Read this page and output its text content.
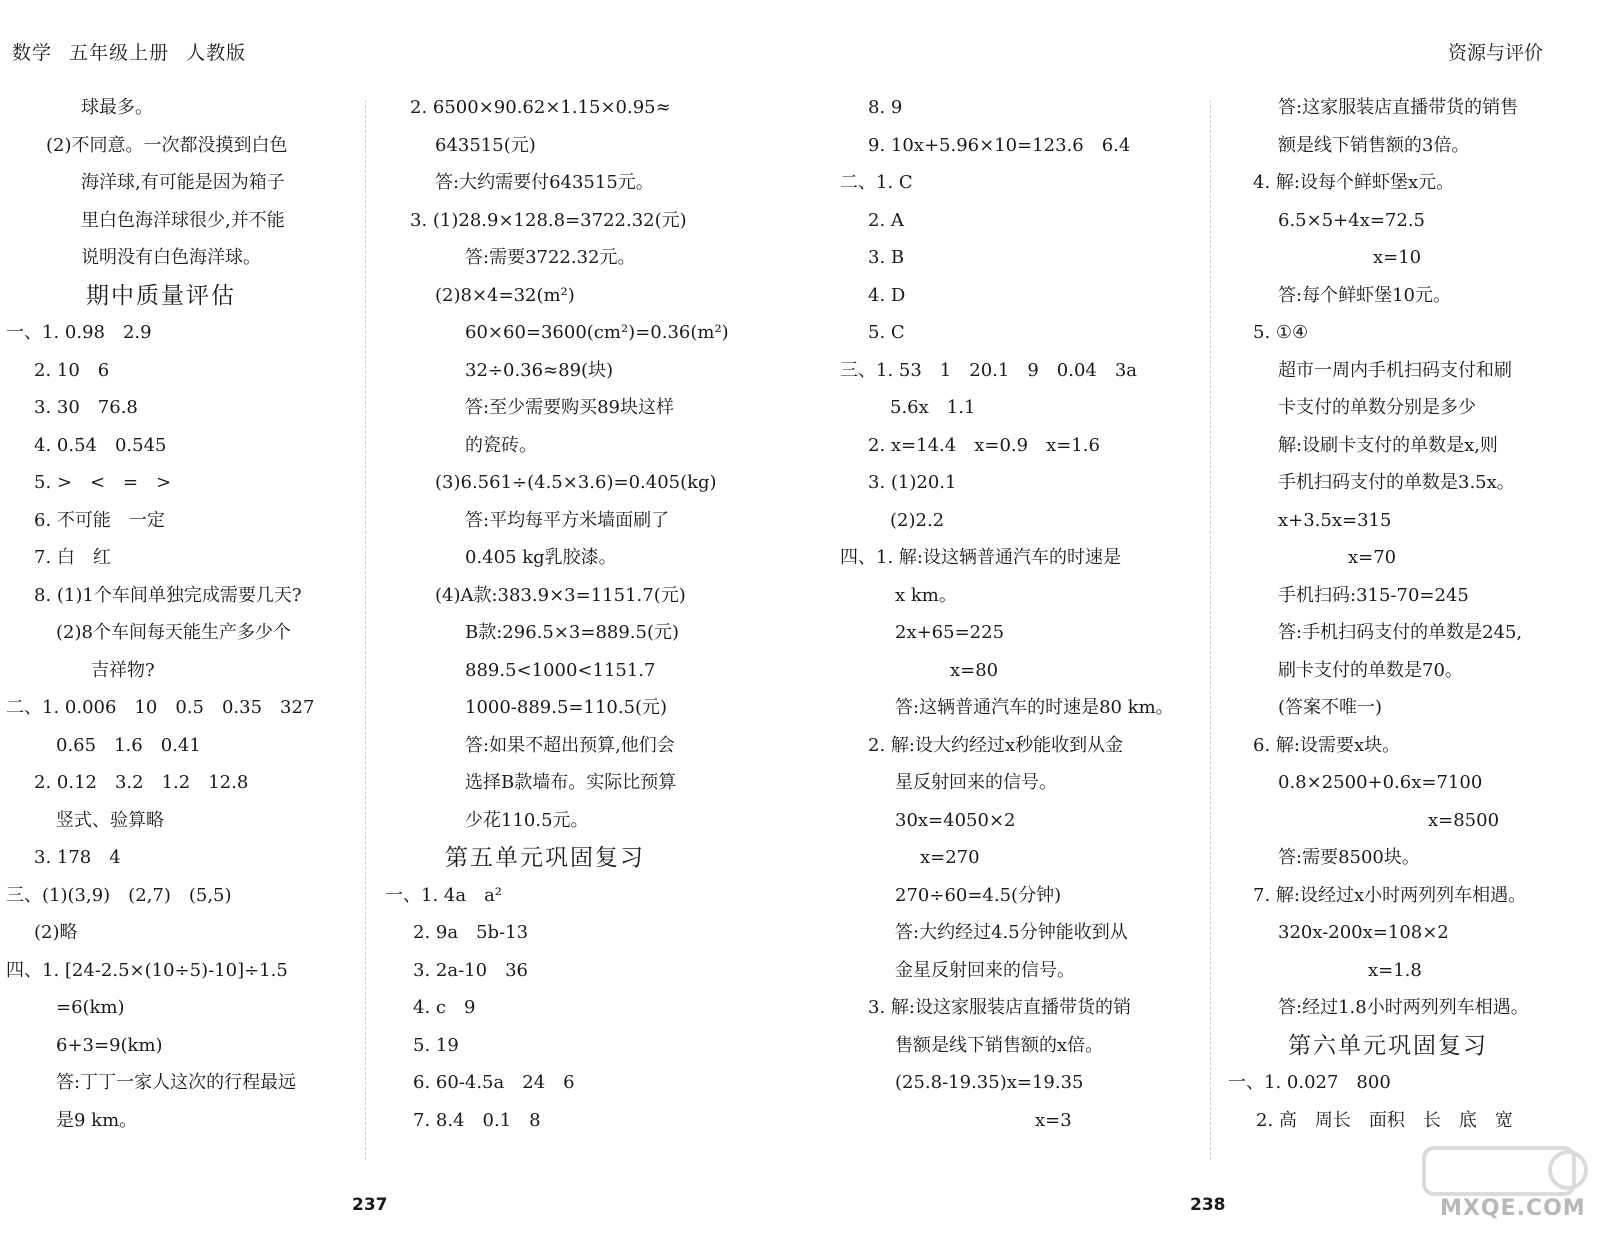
数学 五年级上册 人教版	资源与评价
球最多。
(2)不同意。一次都没摸到白色
海洋球,有可能是因为箱子
里白色海洋球很少,并不能
说明没有白色海洋球。
期中质量评估
一、1. 0.98　2.9
2. 10　6
3. 30　76.8
4. 0.5̇4̇　0.545
5. >　<　=　>
6. 不可能　一定
7. 白　红
8. (1)1个车间单独完成需要几天?
(2)8个车间每天能生产多少个
吉祥物?
二、1. 0.006　10　0.5　0.35　327
0.65　1.6　0.41
2. 0.12　3.2　1.2　12.8
竖式、验算略
3. 178　4
三、(1)(3,9)　(2,7)　(5,5)
(2)略
四、1. [24-2.5×(10÷5)-10]÷1.5
=6(km)
6+3=9(km)
答:丁丁一家人这次的行程最远
是9 km。
2. 6500×90.62×1.15×0.95≈
643515(元)
答:大约需要付643515元。
3. (1)28.9×128.8=3722.32(元)
答:需要3722.32元。
(2)8×4=32(m²)
60×60=3600(cm²)=0.36(m²)
32÷0.36≈89(块)
答:至少需要购买89块这样
的瓷砖。
(3)6.561÷(4.5×3.6)=0.405(kg)
答:平均每平方米墙面刷了
0.405 kg乳胶漆。
(4)A款:383.9×3=1151.7(元)
B款:296.5×3=889.5(元)
889.5<1000<1151.7
1000-889.5=110.5(元)
答:如果不超出预算,他们会
选择B款墙布。实际比预算
少花110.5元。
第五单元巩固复习
一、1. 4a　a²
2. 9a　5b-13
3. 2a-10　36
4. c　9
5. 19
6. 60-4.5a　24　6
7. 8.4　0.1　8
8. 9
9. 10x+5.96×10=123.6　6.4
二、1. C
2. A
3. B
4. D
5. C
三、1. 53　1　20.1　9　0.04　3a
5.6x　1.1
2. x=14.4　x=0.9　x=1.6
3. (1)20.1
(2)2.2
四、1. 解:设这辆普通汽车的时速是
x km。
2x+65=225
x=80
答:这辆普通汽车的时速是80 km。
2. 解:设大约经过x秒能收到从金
星反射回来的信号。
30x=4050×2
x=270
270÷60=4.5(分钟)
答:大约经过4.5分钟能收到从
金星反射回来的信号。
3. 解:设这家服装店直播带货的销
售额是线下销售额的x倍。
(25.8-19.35)x=19.35
x=3
答:这家服装店直播带货的销售
额是线下销售额的3倍。
4. 解:设每个鲜虾堡x元。
6.5×5+4x=72.5
x=10
答:每个鲜虾堡10元。
5. ①④
超市一周内手机扫码支付和刷
卡支付的单数分别是多少
解:设刷卡支付的单数是x,则
手机扫码支付的单数是3.5x。
x+3.5x=315
x=70
手机扫码:315-70=245
答:手机扫码支付的单数是245,
刷卡支付的单数是70。
(答案不唯一)
6. 解:设需要x块。
0.8×2500+0.6x=7100
x=8500
答:需要8500块。
7. 解:设经过x小时两列列车相遇。
320x-200x=108×2
x=1.8
答:经过1.8小时两列列车相遇。
第六单元巩固复习
一、1. 0.027　800
2. 高　周长　面积　长　底　宽
237	238	MXQE.COM
